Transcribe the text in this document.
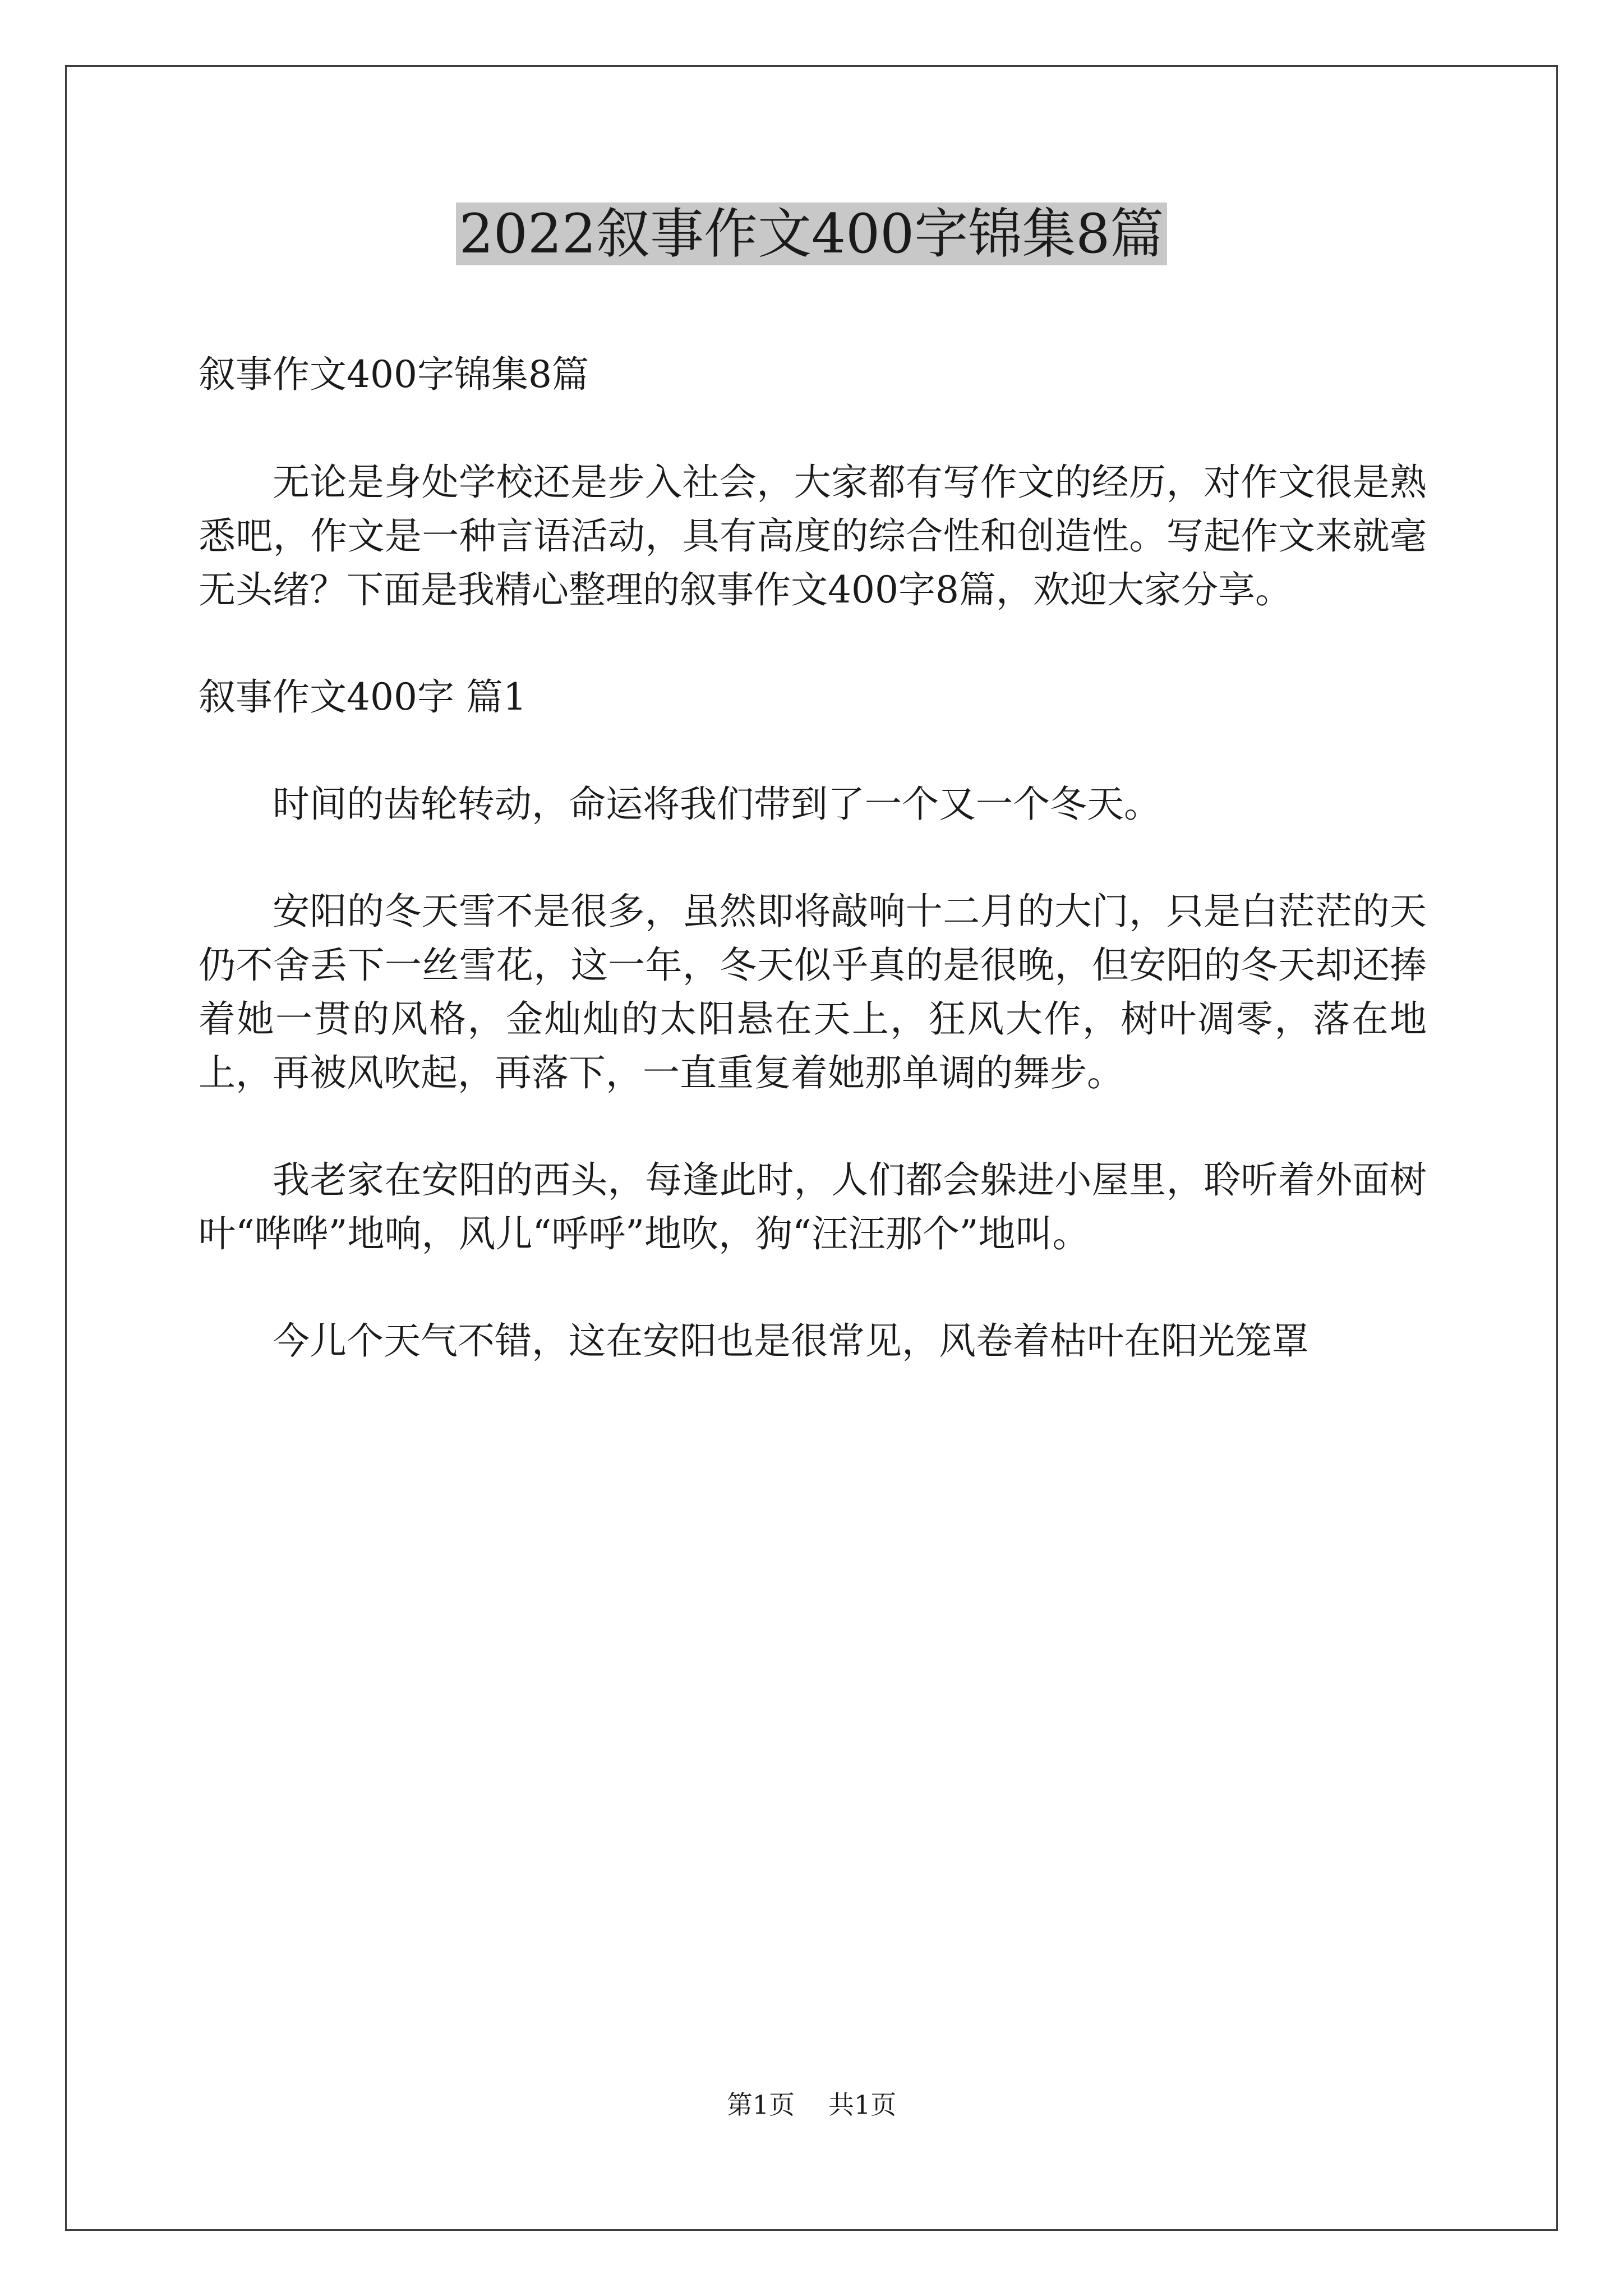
2022叙事作文400字锦集8篇

叙事作文400字锦集8篇

无论是身处学校还是步入社会，大家都有写作文的经历，对作文很是熟悉吧，作文是一种言语活动，具有高度的综合性和创造性。写起作文来就毫无头绪？下面是我精心整理的叙事作文400字8篇，欢迎大家分享。

叙事作文400字 篇1

时间的齿轮转动，命运将我们带到了一个又一个冬天。

安阳的冬天雪不是很多，虽然即将敲响十二月的大门，只是白茫茫的天仍不舍丢下一丝雪花，这一年，冬天似乎真的是很晚，但安阳的冬天却还捧着她一贯的风格，金灿灿的太阳悬在天上，狂风大作，树叶凋零，落在地上，再被风吹起，再落下，一直重复着她那单调的舞步。

我老家在安阳的西头，每逢此时，人们都会躲进小屋里，聆听着外面树叶“哗哗”地响，风儿“呼呼”地吹，狗“汪汪那个”地叫。

今儿个天气不错，这在安阳也是很常见，风卷着枯叶在阳光笼罩

第1页 共1页
